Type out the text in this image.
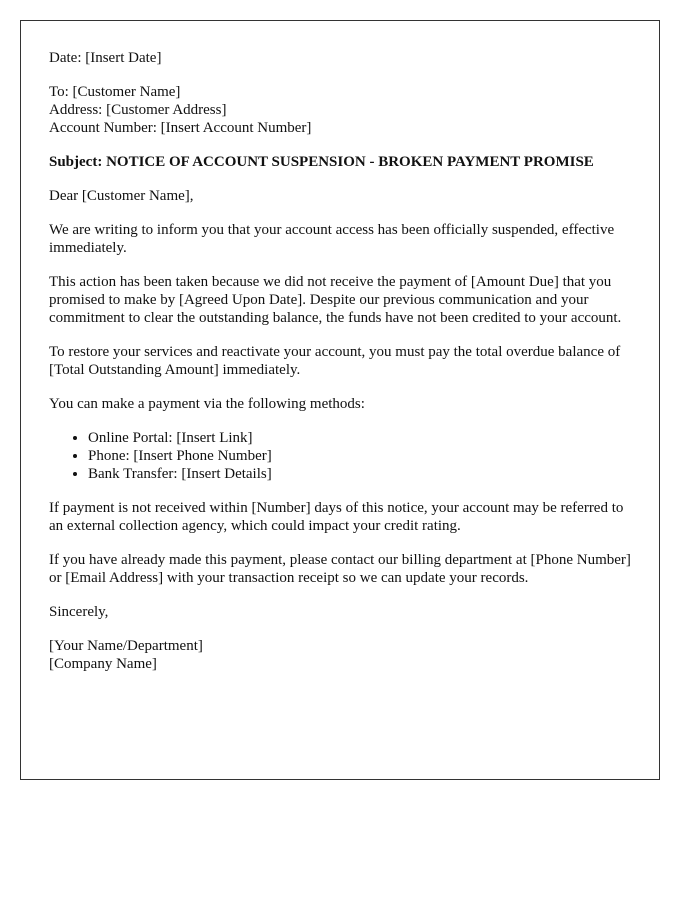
Date: [Insert Date]

To: [Customer Name]
Address: [Customer Address]
Account Number: [Insert Account Number]

Subject: NOTICE OF ACCOUNT SUSPENSION - BROKEN PAYMENT PROMISE

Dear [Customer Name],

We are writing to inform you that your account access has been officially suspended, effective immediately.

This action has been taken because we did not receive the payment of [Amount Due] that you promised to make by [Agreed Upon Date]. Despite our previous communication and your commitment to clear the outstanding balance, the funds have not been credited to your account.

To restore your services and reactivate your account, you must pay the total overdue balance of [Total Outstanding Amount] immediately.

You can make a payment via the following methods:

• Online Portal: [Insert Link]
• Phone: [Insert Phone Number]
• Bank Transfer: [Insert Details]

If payment is not received within [Number] days of this notice, your account may be referred to an external collection agency, which could impact your credit rating.

If you have already made this payment, please contact our billing department at [Phone Number] or [Email Address] with your transaction receipt so we can update your records.

Sincerely,

[Your Name/Department]
[Company Name]
